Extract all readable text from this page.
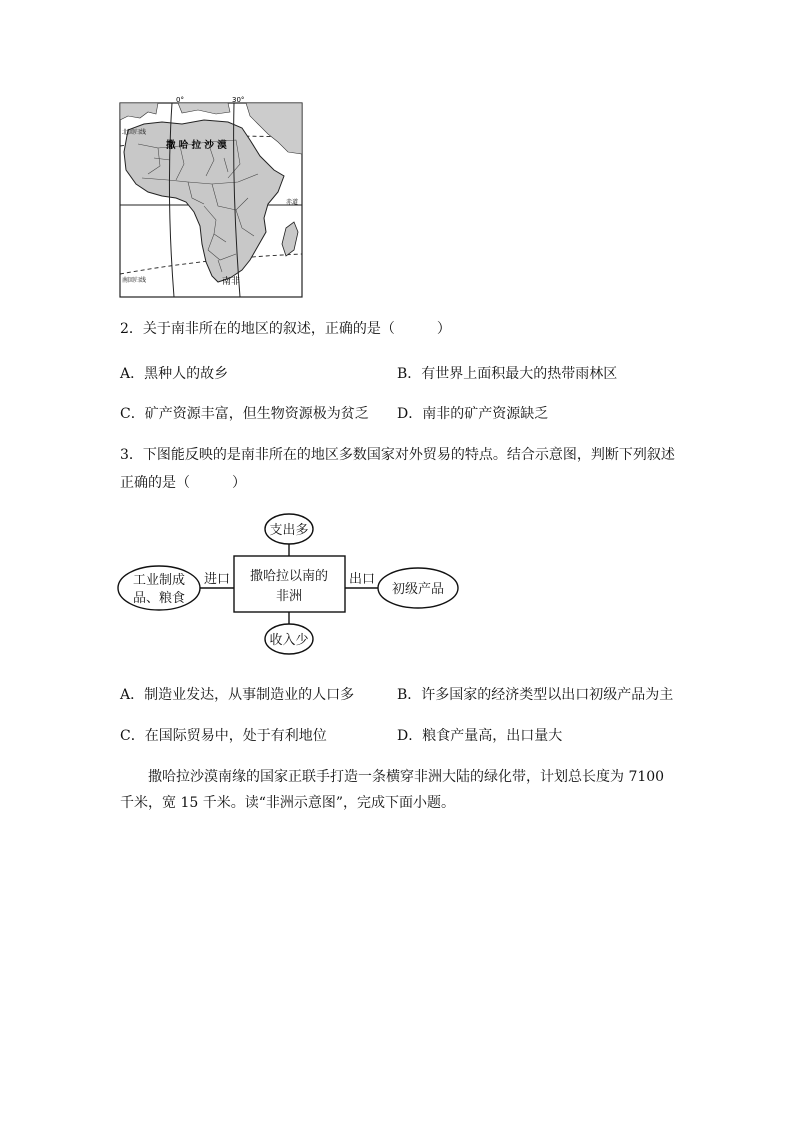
0°	30°
北回归线
撒 哈 拉 沙 漠
赤道
南回归线	南非
2．关于南非所在的地区的叙述，正确的是（　　　）
A．黑种人的故乡	B．有世界上面积最大的热带雨林区
C．矿产资源丰富，但生物资源极为贫乏 D．南非的矿产资源缺乏
3．下图能反映的是南非所在的地区多数国家对外贸易的特点。结合示意图，判断下列叙述
正确的是（　　　）
支出多
收入少
撒哈拉以南的
非洲
工业制成
品、粮食
进口	出口
初级产品
A．制造业发达，从事制造业的人口多	B．许多国家的经济类型以出口初级产品为主
C．在国际贸易中，处于有利地位	D．粮食产量高，出口量大
撒哈拉沙漠南缘的国家正联手打造一条横穿非洲大陆的绿化带，计划总长度为 7100 千米，宽 15 千米。读“非洲示意图”，完成下面小题。
